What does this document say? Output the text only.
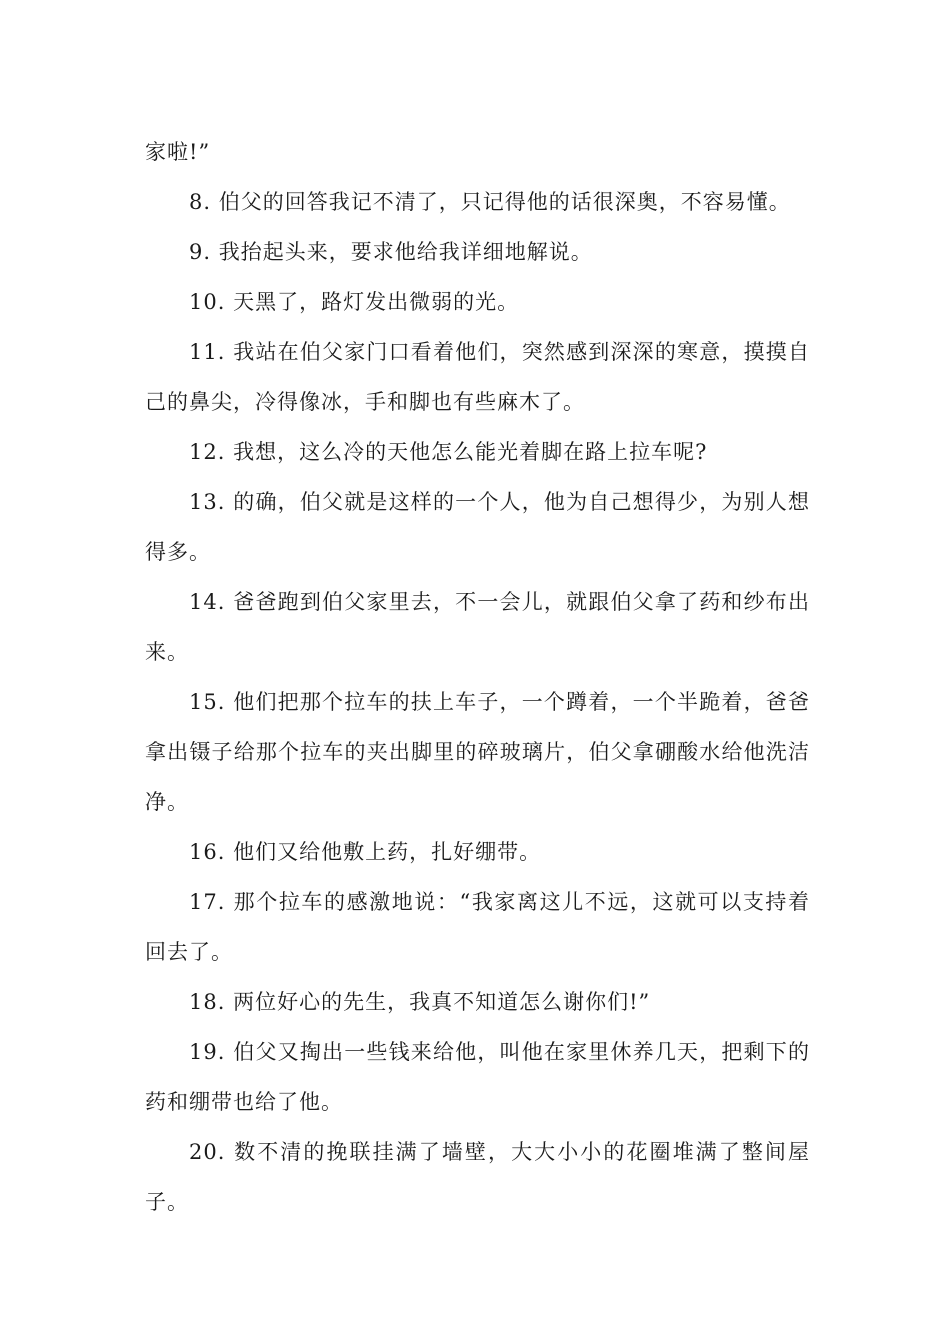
家啦!”

8. 伯父的回答我记不清了，只记得他的话很深奥，不容易懂。

9. 我抬起头来，要求他给我详细地解说。

10. 天黑了，路灯发出微弱的光。

11. 我站在伯父家门口看着他们，突然感到深深的寒意，摸摸自己的鼻尖，冷得像冰，手和脚也有些麻木了。

12. 我想，这么冷的天他怎么能光着脚在路上拉车呢?

13. 的确，伯父就是这样的一个人，他为自己想得少，为别人想得多。

14. 爸爸跑到伯父家里去，不一会儿，就跟伯父拿了药和纱布出来。

15. 他们把那个拉车的扶上车子，一个蹲着，一个半跪着，爸爸拿出镊子给那个拉车的夹出脚里的碎玻璃片，伯父拿硼酸水给他洗洁净。

16. 他们又给他敷上药，扎好绷带。

17. 那个拉车的感激地说：“我家离这儿不远，这就可以支持着回去了。

18. 两位好心的先生，我真不知道怎么谢你们!”

19. 伯父又掏出一些钱来给他，叫他在家里休养几天，把剩下的药和绷带也给了他。

20. 数不清的挽联挂满了墙壁，大大小小的花圈堆满了整间屋子。
